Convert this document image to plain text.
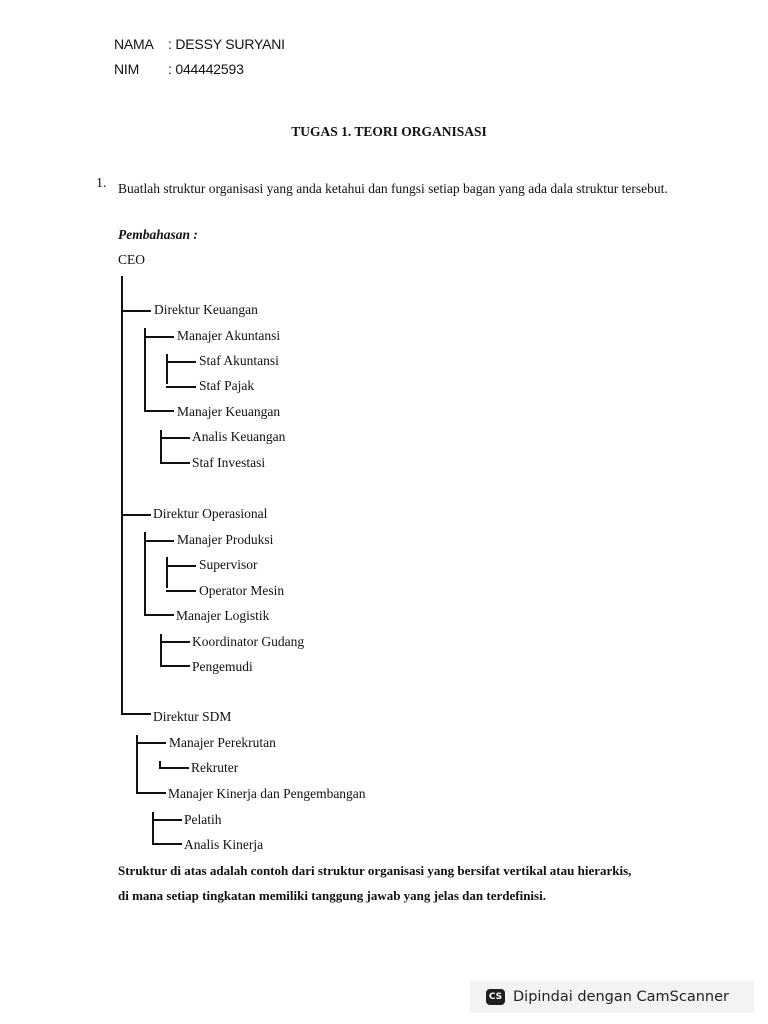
NAMA : DESSY SURYANI
NIM : 044442593
TUGAS 1. TEORI ORGANISASI
1. Buatlah struktur organisasi yang anda ketahui dan fungsi setiap bagan yang ada dala struktur tersebut.
Pembahasan :
CEO
Direktur Keuangan
Manajer Akuntansi
Staf Akuntansi
Staf Pajak
Manajer Keuangan
Analis Keuangan
Staf Investasi
Direktur Operasional
Manajer Produksi
Supervisor
Operator Mesin
Manajer Logistik
Koordinator Gudang
Pengemudi
Direktur SDM
Manajer Perekrutan
Rekruter
Manajer Kinerja dan Pengembangan
Pelatih
Analis Kinerja
Struktur di atas adalah contoh dari struktur organisasi yang bersifat vertikal atau hierarkis,
di mana setiap tingkatan memiliki tanggung jawab yang jelas dan terdefinisi.
CS Dipindai dengan CamScanner
